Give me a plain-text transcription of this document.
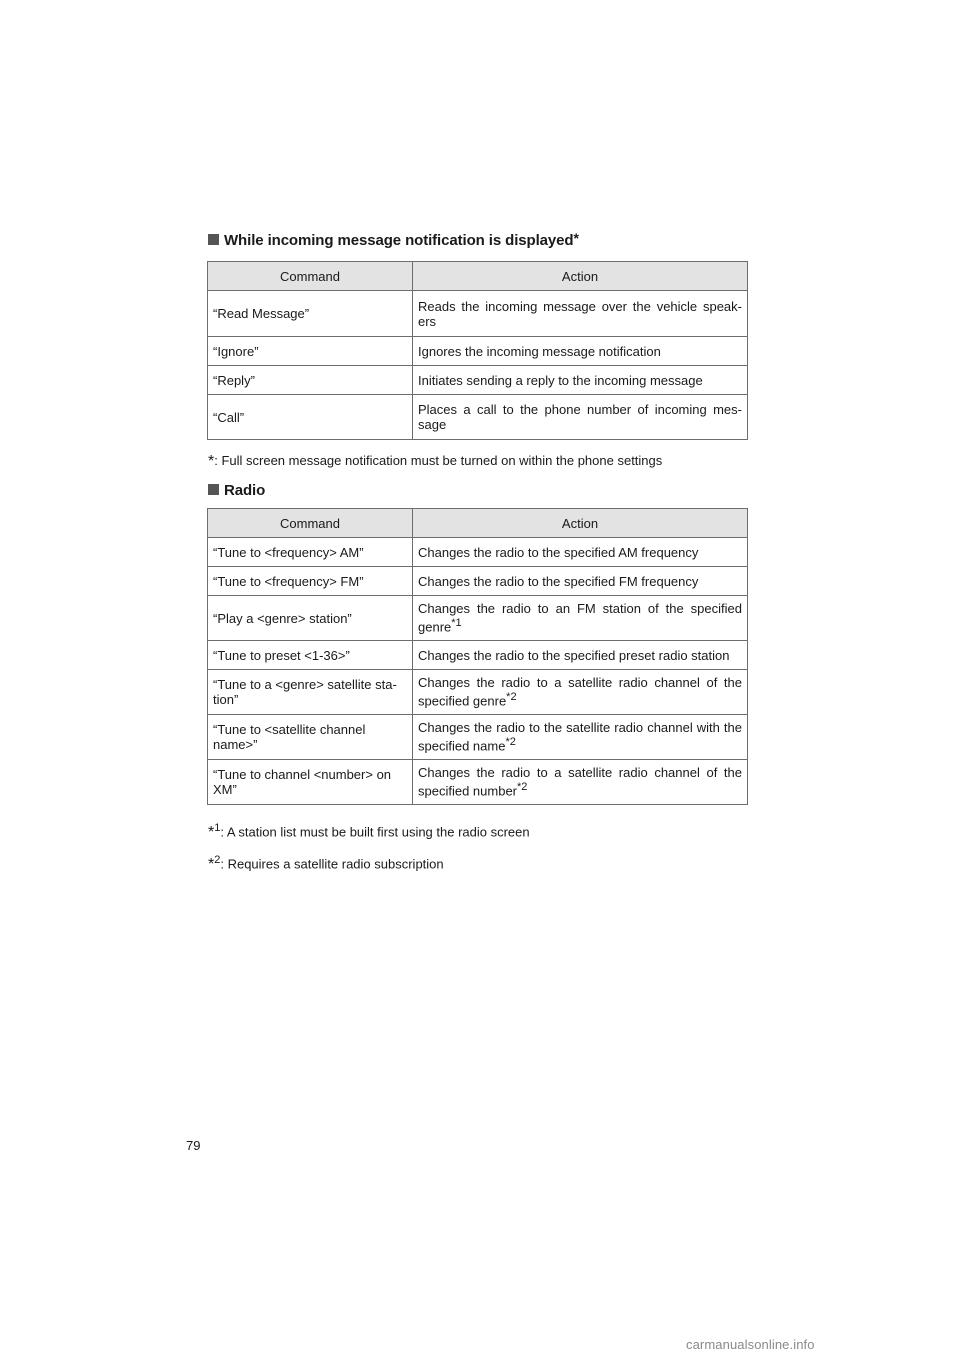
While incoming message notification is displayed*
Command	Action
“Read Message”	Reads the incoming message over the vehicle speak-ers
“Ignore”	Ignores the incoming message notification
“Reply”	Initiates sending a reply to the incoming message
“Call”	Places a call to the phone number of incoming mes-sage
*: Full screen message notification must be turned on within the phone settings
Radio
Command	Action
“Tune to <frequency> AM”	Changes the radio to the specified AM frequency
“Tune to <frequency> FM”	Changes the radio to the specified FM frequency
“Play a <genre> station”	Changes the radio to an FM station of the specified genre$^{*1}$
“Tune to preset <1-36>”	Changes the radio to the specified preset radio station
“Tune to a <genre> satellite sta-tion”	Changes the radio to a satellite radio channel of the specified genre$^{*2}$
“Tune to <satellite channel name>”	Changes the radio to the satellite radio channel with the specified name$^{*2}$
“Tune to channel <number> on XM”	Changes the radio to a satellite radio channel of the specified number$^{*2}$
*$^1$: A station list must be built first using the radio screen
*$^2$: Requires a satellite radio subscription
79
carmanualsonline.info
